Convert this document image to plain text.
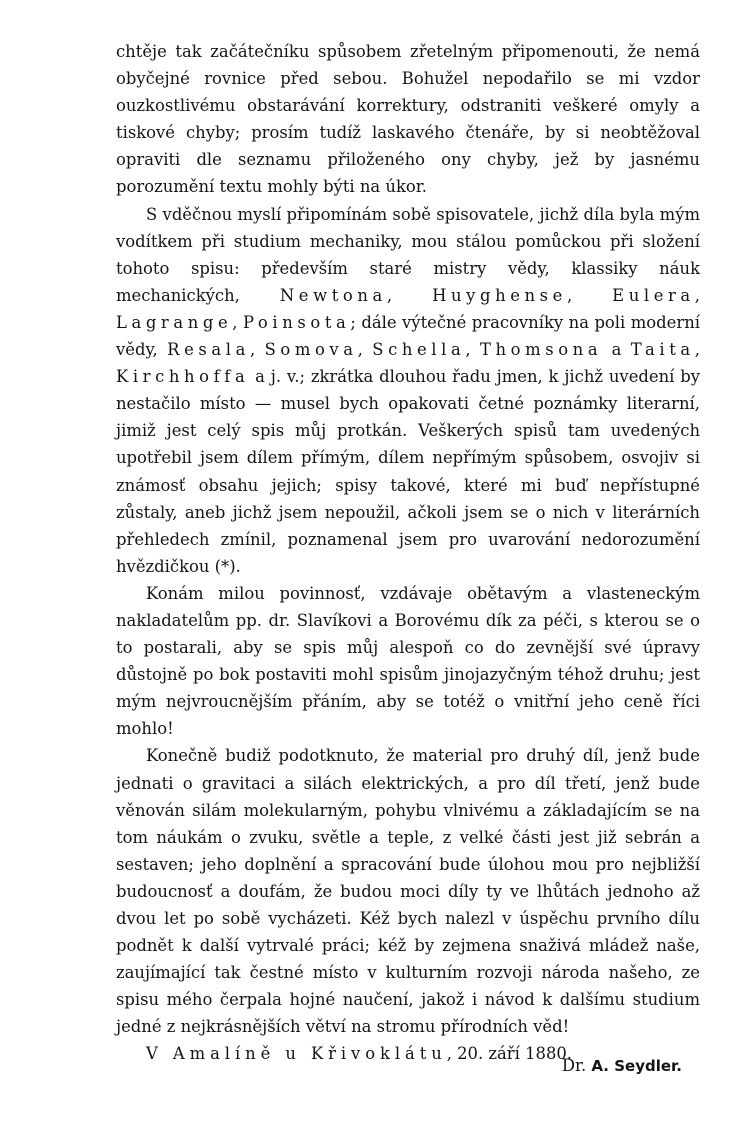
chtěje tak začátečníku spůsobem zřetelným připomenouti, že nemá obyčejné rovnice před sebou. Bohužel nepodařilo se mi vzdor ouzkostlivému obstarávání korrektury, odstraniti veškeré omyly a tiskové chyby; prosím tudíž laskavého čtenáře, by si neobtěžoval opraviti dle seznamu přiloženého ony chyby, jež by jasnému porozumění textu mohly býti na úkor.

S vděčnou myslí připomínám sobě spisovatele, jichž díla byla mým vodítkem při studium mechaniky, mou stálou pomůckou při složení tohoto spisu: především staré mistry vědy, klassiky náuk mechanických, Newtona, Huyghense, Eulera, Lagrange, Poinsota; dále výtečné pracovníky na poli moderní vědy, Resala, Somova, Schella, Thomsona a Taita, Kirchhoffa a j. v.; zkrátka dlouhou řadu jmen, k jichž uvedení by nestačilo místo — musel bych opakovati četné poznámky literarní, jimiž jest celý spis můj protkán. Veškerých spisů tam uvedených upotřebil jsem dílem přímým, dílem nepřímým spůsobem, osvojiv si známosť obsahu jejich; spisy takové, které mi buď nepřístupné zůstaly, aneb jichž jsem nepoužil, ačkoli jsem se o nich v literárních přehledech zmínil, poznamenal jsem pro uvarování nedorozumění hvězdičkou (*).

Konám milou povinnosť, vzdávaje obětavým a vlasteneckým nakladatelům pp. dr. Slavíkovi a Borovému dík za péči, s kterou se o to postarali, aby se spis můj alespoň co do zevnější své úpravy důstojně po bok postaviti mohl spisům jinojazyčným téhož druhu; jest mým nejvroucnějším přáním, aby se totéž o vnitřní jeho ceně říci mohlo!

Konečně budiž podotknuto, že material pro druhý díl, jenž bude jednati o gravitaci a silách elektrických, a pro díl třetí, jenž bude věnován silám molekularným, pohybu vlnivému a základajícím se na tom náukám o zvuku, světle a teple, z velké části jest již sebrán a sestaven; jeho doplnění a spracování bude úlohou mou pro nejbližší budoucnosť a doufám, že budou moci díly ty ve lhůtách jednoho až dvou let po sobě vycházeti. Kéž bych nalezl v úspěchu prvního dílu podnět k další vytrvalé práci; kéž by zejmena snaživá mládež naše, zaujímající tak čestné místo v kulturním rozvoji národa našeho, ze spisu mého čerpala hojné naučení, jakož i návod k dalšímu studium jedné z nejkrásnějších větví na stromu přírodních věd!

V Amalíně u Křivoklátu, 20. září 1880.

Dr. A. Seydler.
